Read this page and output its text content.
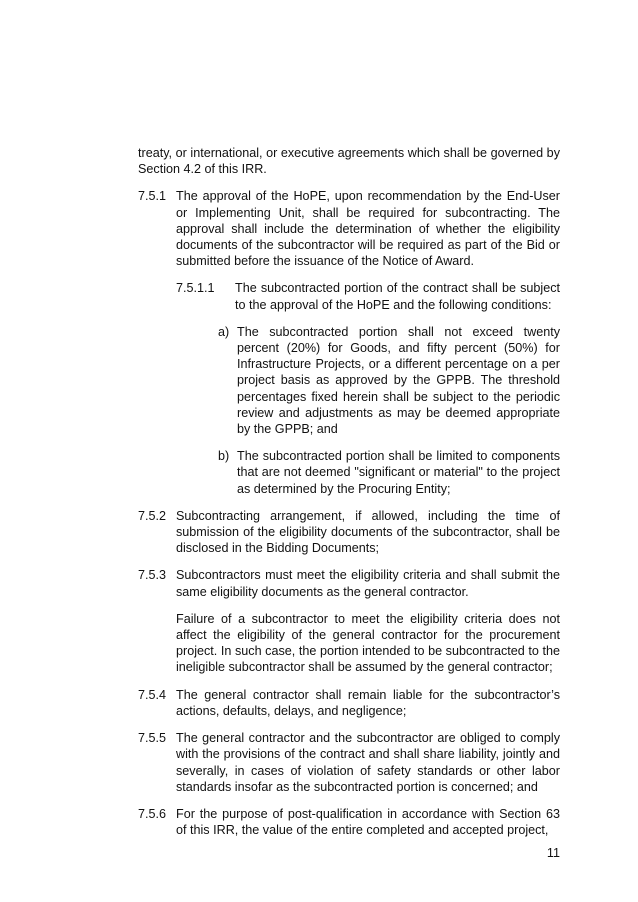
treaty, or international, or executive agreements which shall be governed by Section 4.2 of this IRR.

7.5.1 The approval of the HoPE, upon recommendation by the End-User or Implementing Unit, shall be required for subcontracting. The approval shall include the determination of whether the eligibility documents of the subcontractor will be required as part of the Bid or submitted before the issuance of the Notice of Award.
7.5.1.1	The subcontracted portion of the contract shall be subject to the approval of the HoPE and the following conditions:
a) The subcontracted portion shall not exceed twenty percent (20%) for Goods, and fifty percent (50%) for Infrastructure Projects, or a different percentage on a per project basis as approved by the GPPB. The threshold percentages fixed herein shall be subject to the periodic review and adjustments as may be deemed appropriate by the GPPB; and
b) The subcontracted portion shall be limited to components that are not deemed "significant or material" to the project as determined by the Procuring Entity;
7.5.2 Subcontracting arrangement, if allowed, including the time of submission of the eligibility documents of the subcontractor, shall be disclosed in the Bidding Documents;
7.5.3 Subcontractors must meet the eligibility criteria and shall submit the same eligibility documents as the general contractor.

Failure of a subcontractor to meet the eligibility criteria does not affect the eligibility of the general contractor for the procurement project. In such case, the portion intended to be subcontracted to the ineligible subcontractor shall be assumed by the general contractor;

7.5.4 The general contractor shall remain liable for the subcontractor’s actions, defaults, delays, and negligence;
7.5.5 The general contractor and the subcontractor are obliged to comply with the provisions of the contract and shall share liability, jointly and severally, in cases of violation of safety standards or other labor standards insofar as the subcontracted portion is concerned; and
7.5.6 For the purpose of post-qualification in accordance with Section 63 of this IRR, the value of the entire completed and accepted project,
11
